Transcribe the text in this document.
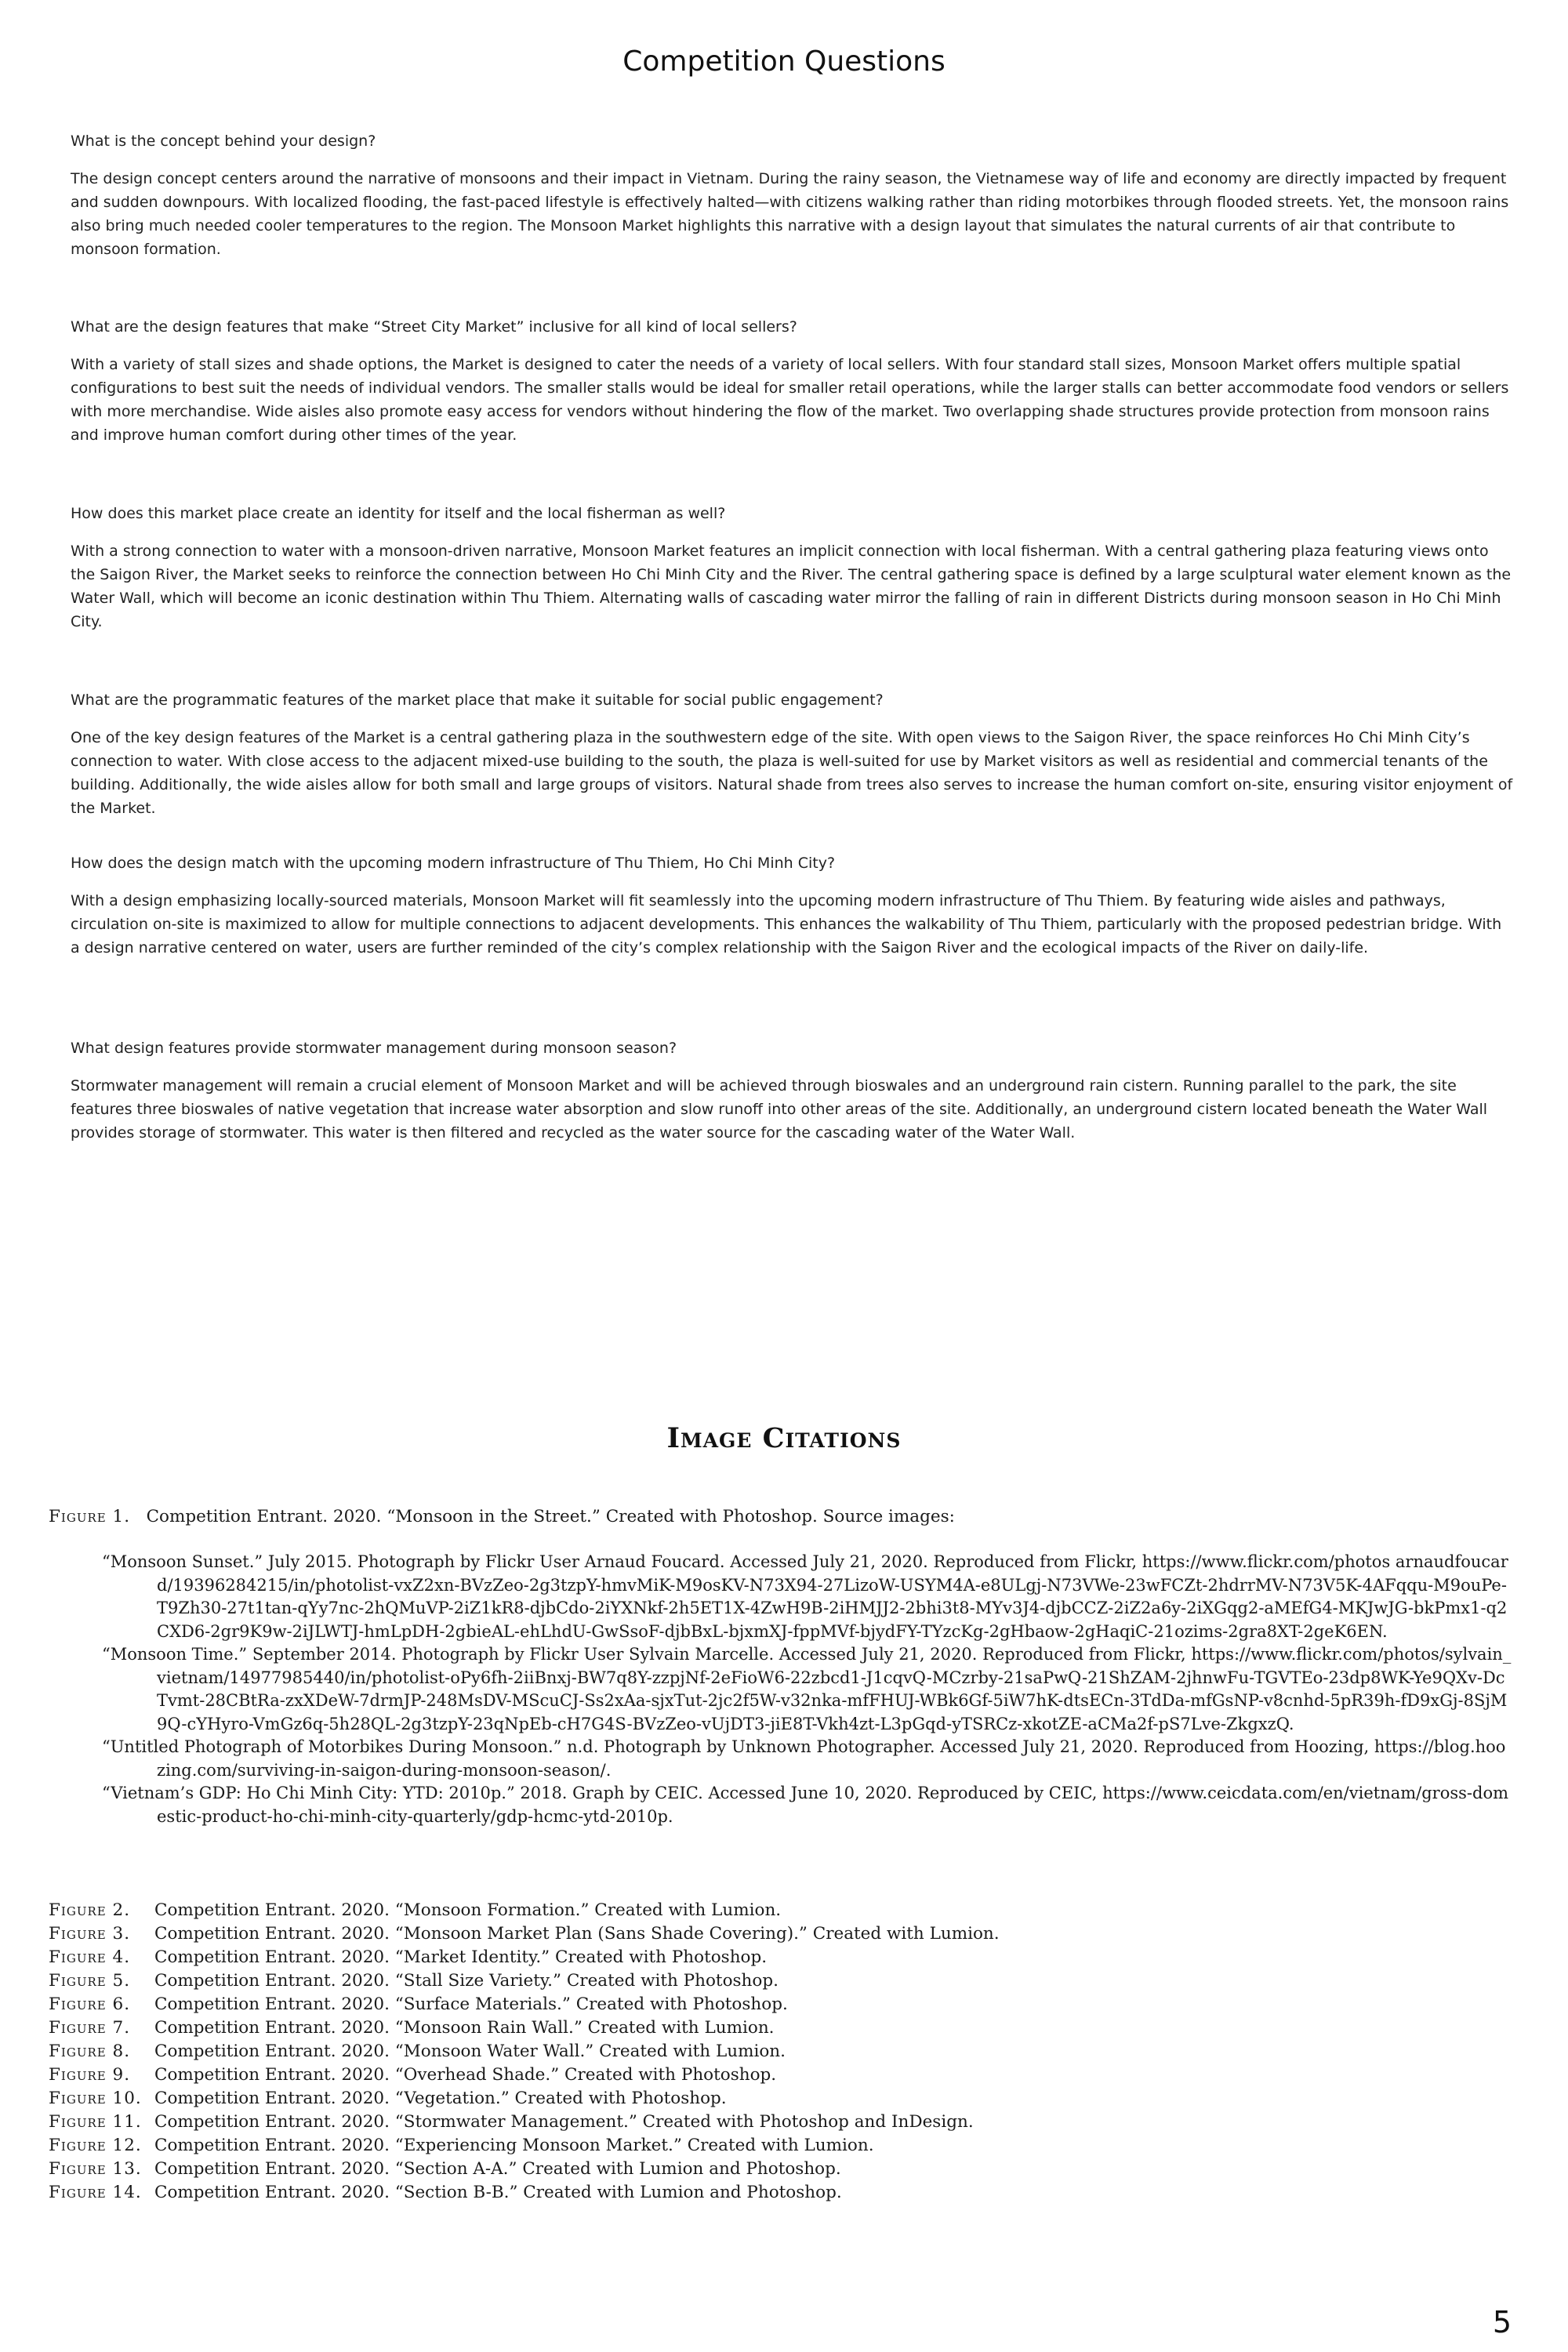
Competition Questions

What is the concept behind your design?

The design concept centers around the narrative of monsoons and their impact in Vietnam. During the rainy season, the Vietnamese way of life and economy are directly impacted by frequent and sudden downpours. With localized flooding, the fast-paced lifestyle is effectively halted—with citizens walking rather than riding motorbikes through flooded streets. Yet, the monsoon rains also bring much needed cooler temperatures to the region. The Monsoon Market highlights this narrative with a design layout that simulates the natural currents of air that contribute to monsoon formation.

What are the design features that make “Street City Market” inclusive for all kind of local sellers?

With a variety of stall sizes and shade options, the Market is designed to cater the needs of a variety of local sellers. With four standard stall sizes, Monsoon Market offers multiple spatial configurations to best suit the needs of individual vendors. The smaller stalls would be ideal for smaller retail operations, while the larger stalls can better accommodate food vendors or sellers with more merchandise. Wide aisles also promote easy access for vendors without hindering the flow of the market. Two overlapping shade structures provide protection from monsoon rains and improve human comfort during other times of the year.

How does this market place create an identity for itself and the local fisherman as well?

With a strong connection to water with a monsoon-driven narrative, Monsoon Market features an implicit connection with local fisherman. With a central gathering plaza featuring views onto the Saigon River, the Market seeks to reinforce the connection between Ho Chi Minh City and the River. The central gathering space is defined by a large sculptural water element known as the Water Wall, which will become an iconic destination within Thu Thiem. Alternating walls of cascading water mirror the falling of rain in different Districts during monsoon season in Ho Chi Minh City.

What are the programmatic features of the market place that make it suitable for social public engagement?

One of the key design features of the Market is a central gathering plaza in the southwestern edge of the site. With open views to the Saigon River, the space reinforces Ho Chi Minh City’s connection to water. With close access to the adjacent mixed-use building to the south, the plaza is well-suited for use by Market visitors as well as residential and commercial tenants of the building. Additionally, the wide aisles allow for both small and large groups of visitors. Natural shade from trees also serves to increase the human comfort on-site, ensuring visitor enjoyment of the Market.

How does the design match with the upcoming modern infrastructure of Thu Thiem, Ho Chi Minh City?

With a design emphasizing locally-sourced materials, Monsoon Market will fit seamlessly into the upcoming modern infrastructure of Thu Thiem. By featuring wide aisles and pathways, circulation on-site is maximized to allow for multiple connections to adjacent developments. This enhances the walkability of Thu Thiem, particularly with the proposed pedestrian bridge. With a design narrative centered on water, users are further reminded of the city’s complex relationship with the Saigon River and the ecological impacts of the River on daily-life.

What design features provide stormwater management during monsoon season?

Stormwater management will remain a crucial element of Monsoon Market and will be achieved through bioswales and an underground rain cistern. Running parallel to the park, the site features three bioswales of native vegetation that increase water absorption and slow runoff into other areas of the site. Additionally, an underground cistern located beneath the Water Wall provides storage of stormwater. This water is then filtered and recycled as the water source for the cascading water of the Water Wall.

Image Citations
Figure 1. Competition Entrant. 2020. “Monsoon in the Street.” Created with Photoshop. Source images:
“Monsoon Sunset.” July 2015. Photograph by Flickr User Arnaud Foucard. Accessed July 21, 2020. Reproduced from Flickr, https://www.flickr.com/photos arnaudfoucard/19396284215/in/photolist-vxZ2xn-BVzZeo-2g3tzpY-hmvMiK-M9osKV-N73X94-27LizoW-USYM4A-e8ULgj-N73VWe-23wFCZt-2hdrrMV-N73V5K-4AFqqu-M9ouPe-T9Zh30-27t1tan-qYy7nc-2hQMuVP-2iZ1kR8-djbCdo-2iYXNkf-2h5ET1X-4ZwH9B-2iHMJJ2-2bhi3t8-MYv3J4-djbCCZ-2iZ2a6y-2iXGqg2-aMEfG4-MKJwJG-bkPmx1-q2CXD6-2gr9K9w-2iJLWTJ-hmLpDH-2gbieAL-ehLhdU-GwSsoF-djbBxL-bjxmXJ-fppMVf-bjydFY-TYzcKg-2gHbaow-2gHaqiC-21ozims-2gra8XT-2geK6EN.
“Monsoon Time.” September 2014. Photograph by Flickr User Sylvain Marcelle. Accessed July 21, 2020. Reproduced from Flickr, https://www.flickr.com/photos/sylvain_vietnam/14977985440/in/photolist-oPy6fh-2iiBnxj-BW7q8Y-zzpjNf-2eFioW6-22zbcd1-J1cqvQ-MCzrby-21saPwQ-21ShZAM-2jhnwFu-TGVTEo-23dp8WK-Ye9QXv-DcTvmt-28CBtRa-zxXDeW-7drmJP-248MsDV-MScuCJ-Ss2xAa-sjxTut-2jc2f5W-v32nka-mfFHUJ-WBk6Gf-5iW7hK-dtsECn-3TdDa-mfGsNP-v8cnhd-5pR39h-fD9xGj-8SjM9Q-cYHyro-VmGz6q-5h28QL-2g3tzpY-23qNpEb-cH7G4S-BVzZeo-vUjDT3-jiE8T-Vkh4zt-L3pGqd-yTSRCz-xkotZE-aCMa2f-pS7Lve-ZkgxzQ.
“Untitled Photograph of Motorbikes During Monsoon.” n.d. Photograph by Unknown Photographer. Accessed July 21, 2020. Reproduced from Hoozing, https://blog.hoozing.com/surviving-in-saigon-during-monsoon-season/.
“Vietnam’s GDP: Ho Chi Minh City: YTD: 2010p.” 2018. Graph by CEIC. Accessed June 10, 2020. Reproduced by CEIC, https://www.ceicdata.com/en/vietnam/gross-domestic-product-ho-chi-minh-city-quarterly/gdp-hcmc-ytd-2010p.
Figure 2. Competition Entrant. 2020. “Monsoon Formation.” Created with Lumion.
Figure 3. Competition Entrant. 2020. “Monsoon Market Plan (Sans Shade Covering).” Created with Lumion.
Figure 4. Competition Entrant. 2020. “Market Identity.” Created with Photoshop.
Figure 5. Competition Entrant. 2020. “Stall Size Variety.” Created with Photoshop.
Figure 6. Competition Entrant. 2020. “Surface Materials.” Created with Photoshop.
Figure 7. Competition Entrant. 2020. “Monsoon Rain Wall.” Created with Lumion.
Figure 8. Competition Entrant. 2020. “Monsoon Water Wall.” Created with Lumion.
Figure 9. Competition Entrant. 2020. “Overhead Shade.” Created with Photoshop.
Figure 10. Competition Entrant. 2020. “Vegetation.” Created with Photoshop.
Figure 11. Competition Entrant. 2020. “Stormwater Management.” Created with Photoshop and InDesign.
Figure 12. Competition Entrant. 2020. “Experiencing Monsoon Market.” Created with Lumion.
Figure 13. Competition Entrant. 2020. “Section A-A.” Created with Lumion and Photoshop.
Figure 14. Competition Entrant. 2020. “Section B-B.” Created with Lumion and Photoshop.
5
